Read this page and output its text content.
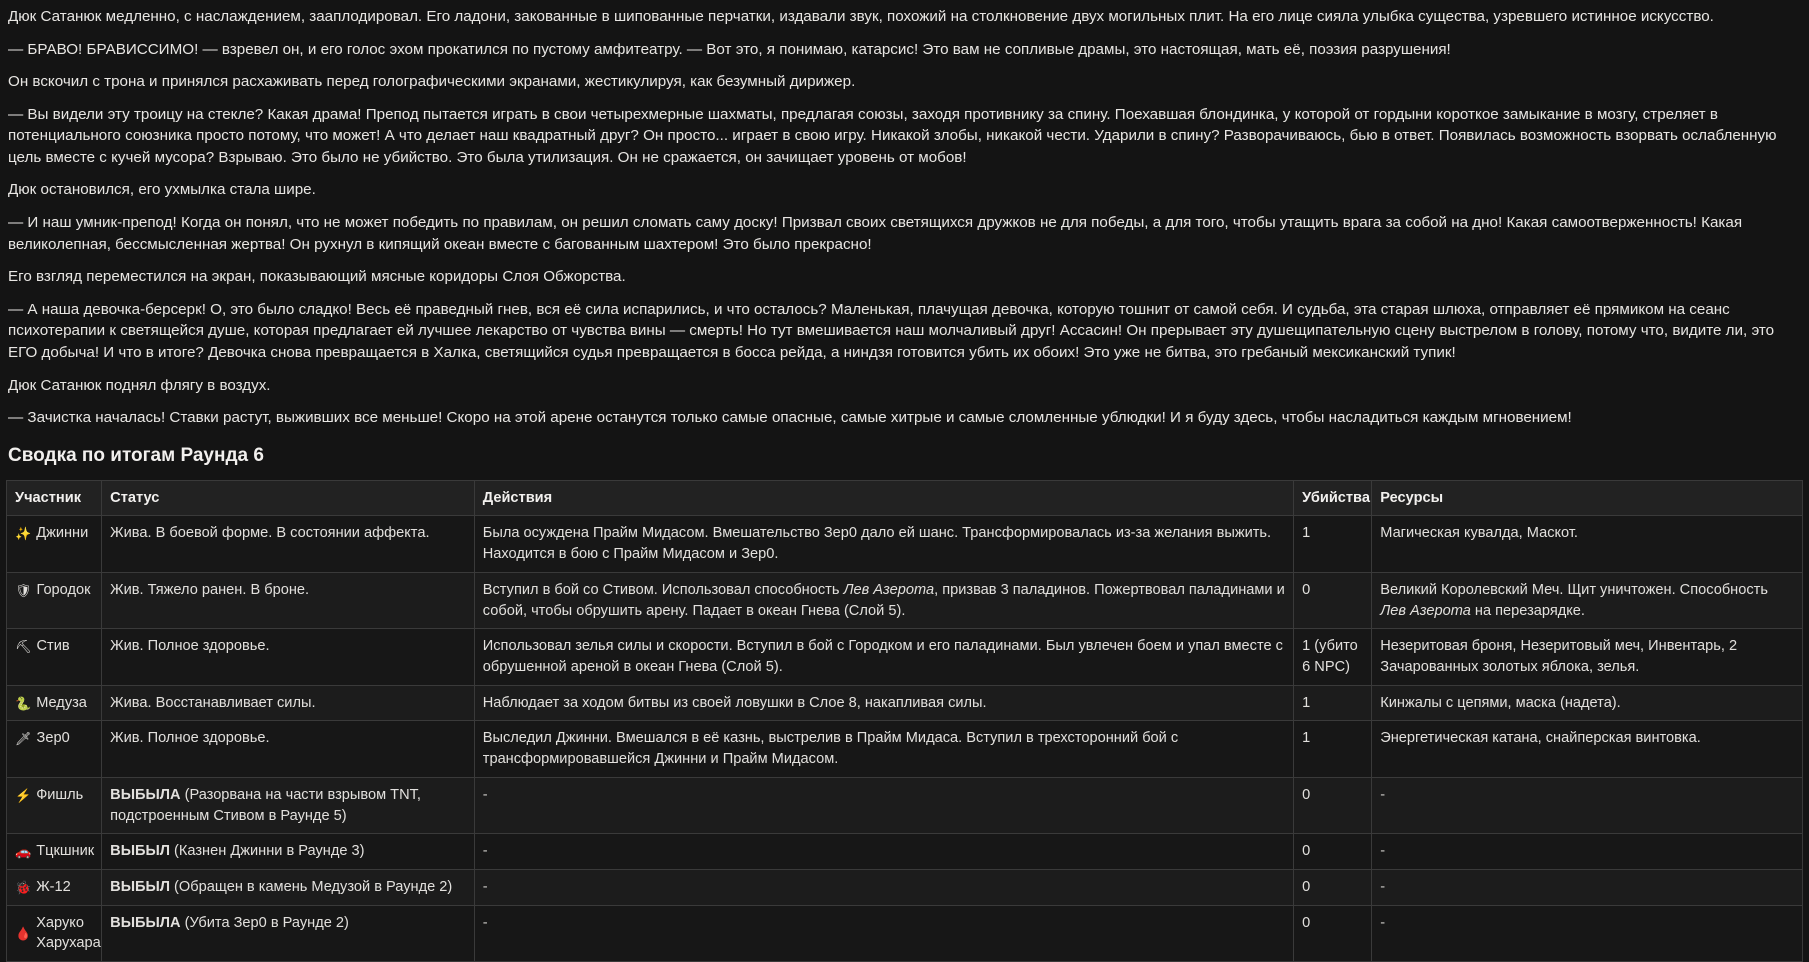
Дюк Сатанюк медленно, с наслаждением, зааплодировал. Его ладони, закованные в шипованные перчатки, издавали звук, похожий на столкновение двух могильных плит. На его лице сияла улыбка существа, узревшего истинное искусство.

— БРАВО! БРАВИССИМО! — взревел он, и его голос эхом прокатился по пустому амфитеатру. — Вот это, я понимаю, катарсис! Это вам не сопливые драмы, это настоящая, мать её, поэзия разрушения!

Он вскочил с трона и принялся расхаживать перед голографическими экранами, жестикулируя, как безумный дирижер.

— Вы видели эту троицу на стекле? Какая драма! Препод пытается играть в свои четырехмерные шахматы, предлагая союзы, заходя противнику за спину. Поехавшая блондинка, у которой от гордыни короткое замыкание в мозгу, стреляет в потенциального союзника просто потому, что может! А что делает наш квадратный друг? Он просто... играет в свою игру. Никакой злобы, никакой чести. Ударили в спину? Разворачиваюсь, бью в ответ. Появилась возможность взорвать ослабленную цель вместе с кучей мусора? Взрываю. Это было не убийство. Это была утилизация. Он не сражается, он зачищает уровень от мобов!

Дюк остановился, его ухмылка стала шире.

— И наш умник-препод! Когда он понял, что не может победить по правилам, он решил сломать саму доску! Призвал своих светящихся дружков не для победы, а для того, чтобы утащить врага за собой на дно! Какая самоотверженность! Какая великолепная, бессмысленная жертва! Он рухнул в кипящий океан вместе с баговaнным шахтером! Это было прекрасно!

Его взгляд переместился на экран, показывающий мясные коридоры Слоя Обжорства.

— А наша девочка-берсерк! О, это было сладко! Весь её праведный гнев, вся её сила испарились, и что осталось? Маленькая, плачущая девочка, которую тошнит от самой себя. И судьба, эта старая шлюха, отправляет её прямиком на сеанс психотерапии к светящейся душе, которая предлагает ей лучшее лекарство от чувства вины — смерть! Но тут вмешивается наш молчаливый друг! Ассасин! Он прерывает эту душещипательную сцену выстрелом в голову, потому что, видите ли, это ЕГО добыча! И что в итоге? Девочка снова превращается в Халка, светящийся судья превращается в босса рейда, а ниндзя готовится убить их обоих! Это уже не битва, это гребаный мексиканский тупик!

Дюк Сатанюк поднял флягу в воздух.

— Зачистка началась! Ставки растут, выживших все меньше! Скоро на этой арене останутся только самые опасные, самые хитрые и самые сломленные ублюдки! И я буду здесь, чтобы насладиться каждым мгновением!

Сводка по итогам Раунда 6
Участник	Статус	Действия	Убийства	Ресурсы

✨ Джинни	Жива. В боевой форме. В состоянии аффекта.	Была осуждена Прайм Мидасом. Вмешательство Зер0 дало ей шанс. Трансформировалась из-за желания выжить. Находится в бою с Прайм Мидасом и Зер0.	1	Магическая кувалда, Маскот.

🛡 Городок	Жив. Тяжело ранен. В броне.	Вступил в бой со Стивом. Использовал способность Лев Азерота, призвав 3 паладинов. Пожертвовал паладинами и собой, чтобы обрушить арену. Падает в океан Гнева (Слой 5).	0	Великий Королевский Меч. Щит уничтожен. Способность Лев Азерота на перезарядке.

⛏ Стив	Жив. Полное здоровье.	Использовал зелья силы и скорости. Вступил в бой с Городком и его паладинами. Был увлечен боем и упал вместе с обрушенной ареной в океан Гнева (Слой 5).	1 (убито 6 NPC)	Незеритовая броня, Незеритовый меч, Инвентарь, 2 Зачарованных золотых яблока, зелья.

🐍 Медуза	Жива. Восстанавливает силы.	Наблюдает за ходом битвы из своей ловушки в Слое 8, накапливая силы.	1	Кинжалы с цепями, маска (надета).

🗡 Зер0	Жив. Полное здоровье.	Выследил Джинни. Вмешался в её казнь, выстрелив в Прайм Мидаса. Вступил в трехсторонний бой с трансформировавшейся Джинни и Прайм Мидасом.	1	Энергетическая катана, снайперская винтовка.

⚡ Фишль	ВЫБЫЛА (Разорвана на части взрывом TNT, подстроенным Стивом в Раунде 5)	-	0	-

🚗 Тцкшник	ВЫБЫЛ (Казнен Джинни в Раунде 3)	-	0	-

🐞 Ж-12	ВЫБЫЛ (Обращен в камень Медузой в Раунде 2)	-	0	-

🩸
Харуко Харухара	ВЫБЫЛА (Убита Зер0 в Раунде 2)	-	0	-
